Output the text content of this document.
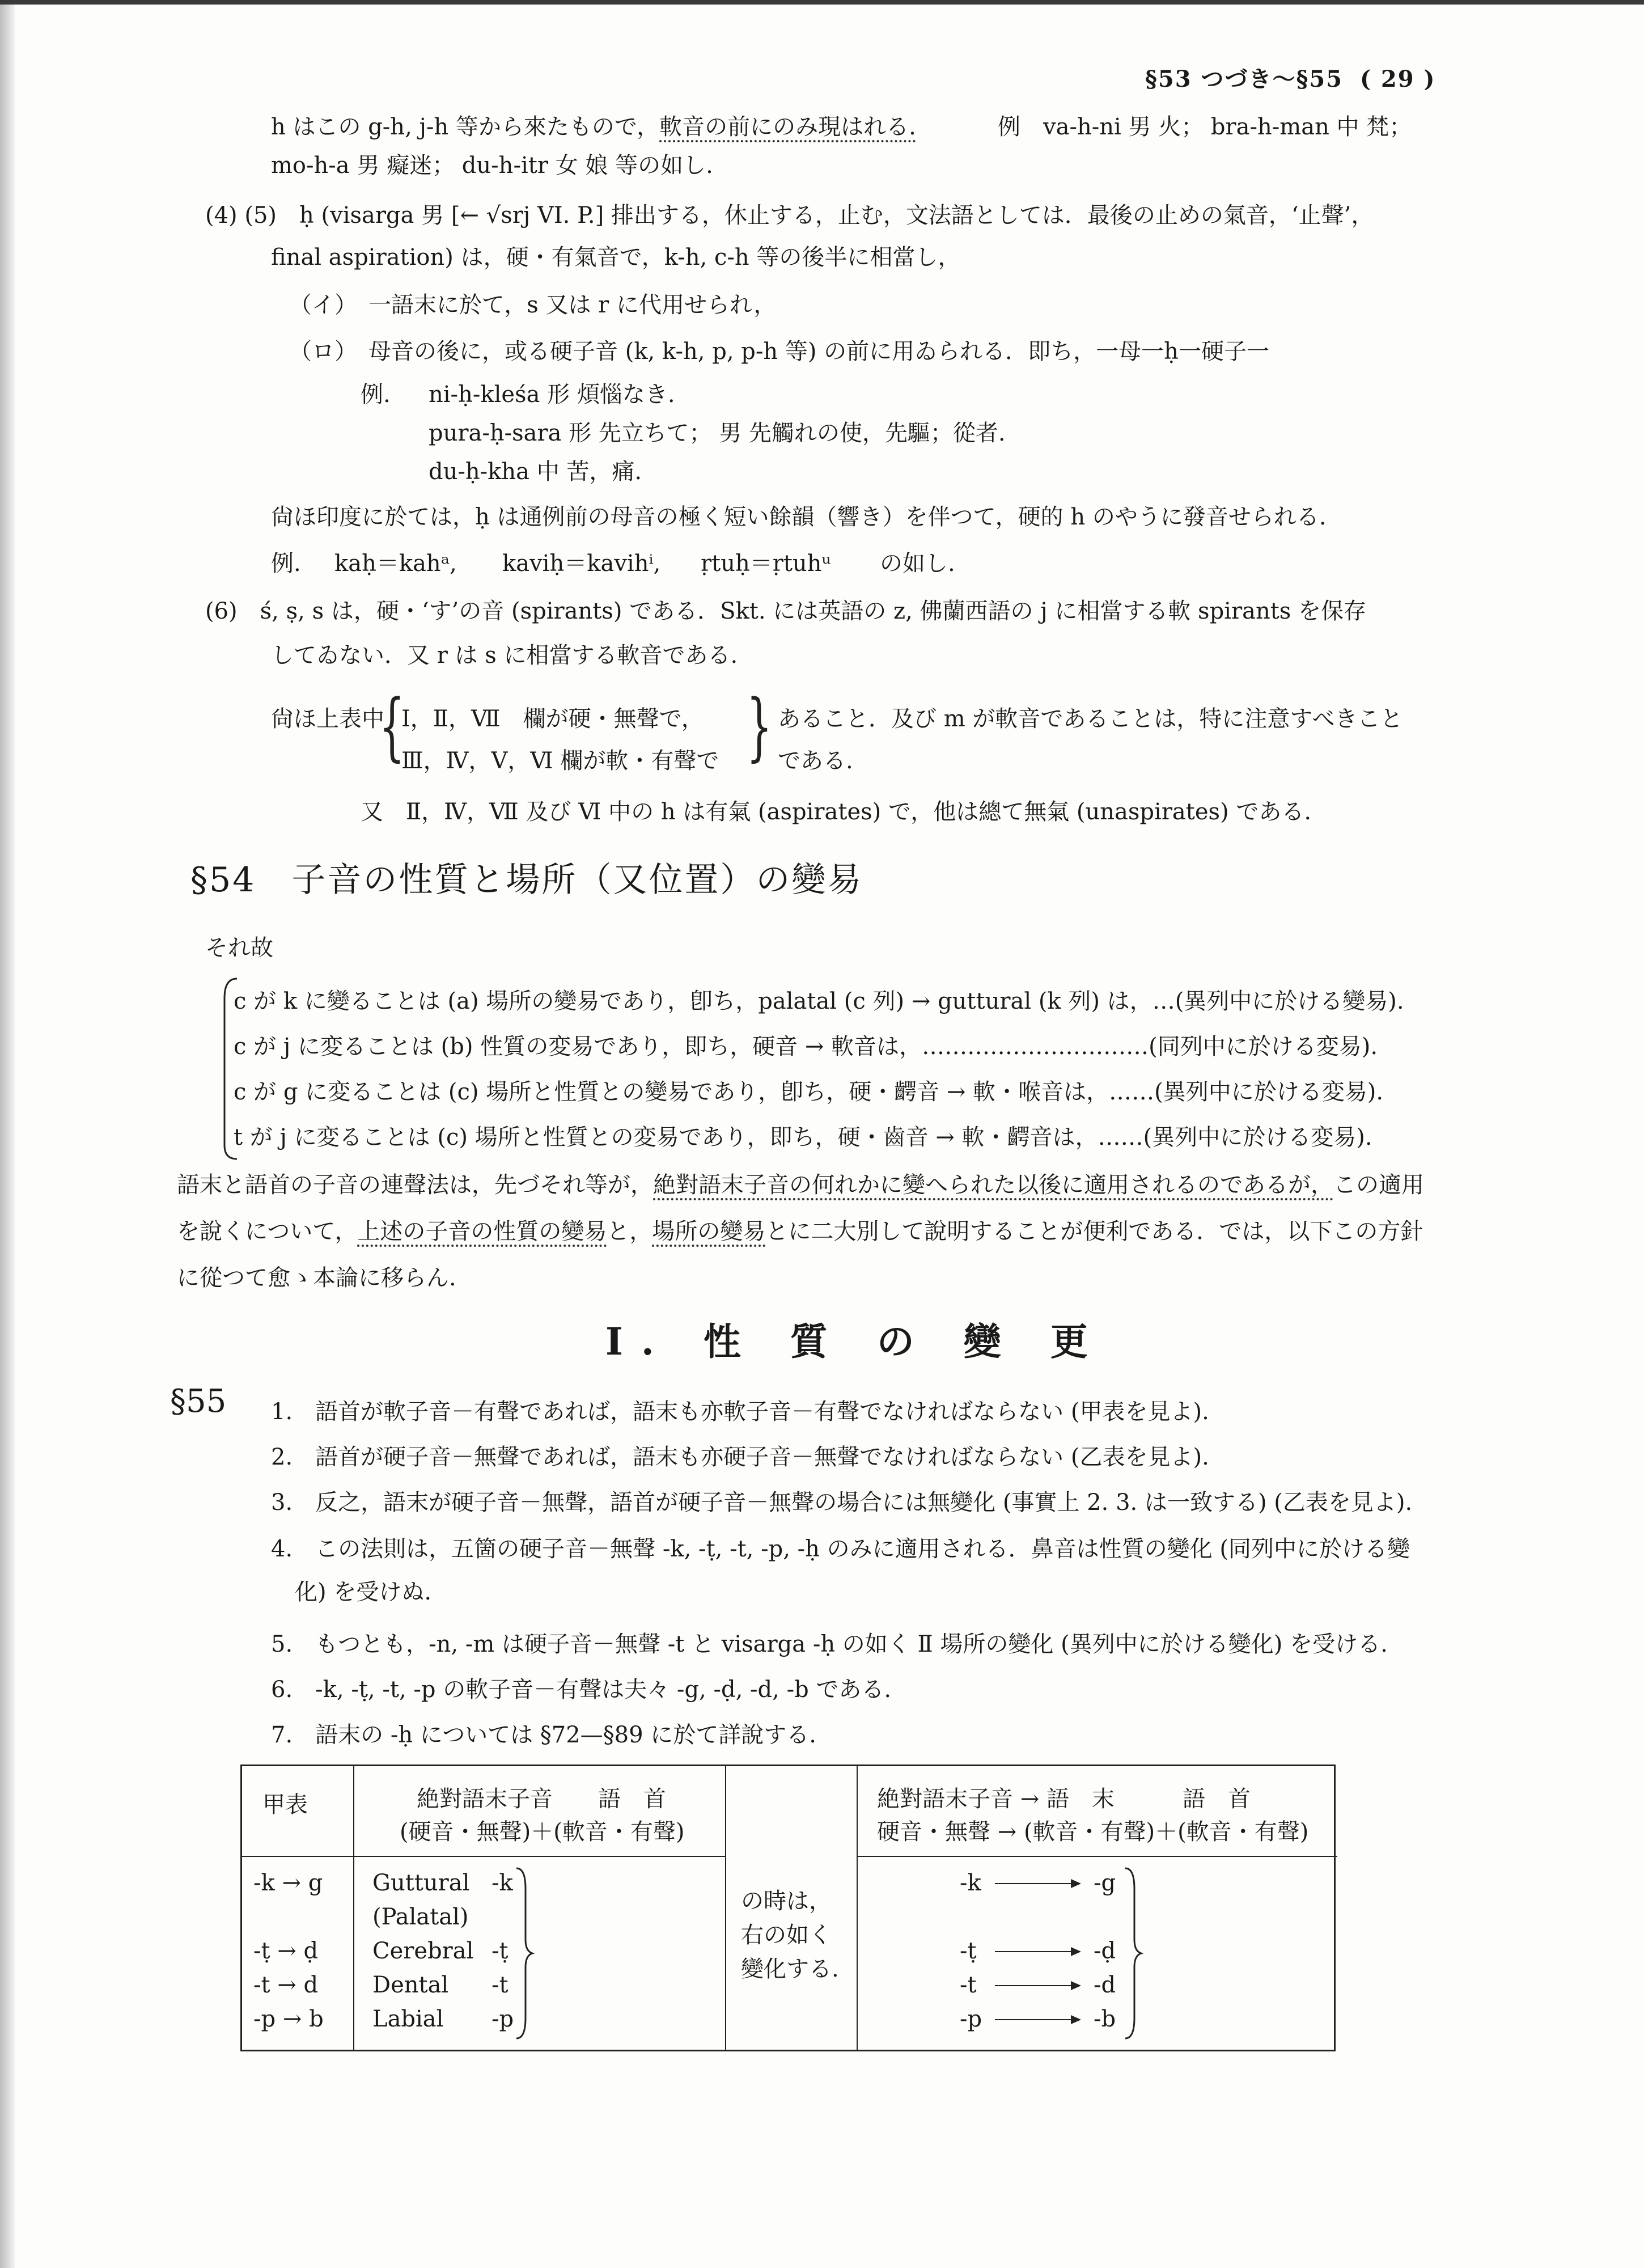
§53 つづき～§55 ( 29 )
h はこの g-h, j-h 等から來たもので，軟音の前にのみ現はれる.	例　va-h-ni 男 火； bra-h-man 中 梵；
mo-h-a 男 癡迷； du-h-itr 女 娘 等の如し.
(4) (5)　ḥ (visarga 男 [← √srj VI. P.] 排出する，休止する，止む，文法語としては．最後の止めの氣音，‘止聲’，
final aspiration) は，硬・有氣音で，k-h, c-h 等の後半に相當し，
（イ）　一語末に於て，s 又は r に代用せられ，
（ロ）　母音の後に，或る硬子音 (k, k-h, p, p-h 等) の前に用ゐられる．即ち，一母一ḥ一硬子一
例. ni-ḥ-kleśa 形 煩惱なき.
pura-ḥ-sara 形 先立ちて； 男 先觸れの使，先驅；從者.
du-ḥ-kha 中 苦，痛.
尙ほ印度に於ては，ḥ は通例前の母音の極く短い餘韻（響き）を伴つて，硬的 h のやうに發音せられる.
例. kaḥ＝kahᵃ, kaviḥ＝kavihⁱ, ṛtuḥ＝ṛtuhᵘ の如し.
(6)　ś, ṣ, s は，硬・‘す’の音 (spirants) である．Skt. には英語の z, 佛蘭西語の j に相當する軟 spirants を保存
してゐない．又 r は s に相當する軟音である.
尙ほ上表中
{
I，Ⅱ，Ⅶ　欄が硬・無聲で，
Ⅲ，Ⅳ，V，Ⅵ 欄が軟・有聲で } あること．及び m が軟音であることは，特に注意すべきこと
である.
又　Ⅱ，Ⅳ，Ⅶ 及び Ⅵ 中の h は有氣 (aspirates) で，他は總て無氣 (unaspirates) である.
§54　子音の性質と場所（又位置）の變易
それ故
c が k に變ることは (a) 場所の變易であり，卽ち，palatal (c 列) → guttural (k 列) は，…(異列中に於ける變易).
c が j に変ることは (b) 性質の変易であり，即ち，硬音 → 軟音は，…………………………(同列中に於ける変易).
c が g に変ることは (c) 場所と性質との變易であり，卽ち，硬・齶音 → 軟・喉音は，……(異列中に於ける変易).
t が j に変ることは (c) 場所と性質との変易であり，即ち，硬・齒音 → 軟・齶音は，……(異列中に於ける変易).
語末と語首の子音の連聲法は，先づそれ等が，絶對語末子音の何れかに變へられた以後に適用されるのであるが，この適用
を說くについて，上述の子音の性質の變易と，場所の變易とに二大別して說明することが便利である．では，以下この方針
に從つて愈ゝ本論に移らん.
I. 性 質 の 變 更
§55 1.　語首が軟子音－有聲であれば，語末も亦軟子音－有聲でなければならない (甲表を見よ).
2.　語首が硬子音－無聲であれば，語末も亦硬子音－無聲でなければならない (乙表を見よ).
3.　反之，語末が硬子音－無聲，語首が硬子音－無聲の場合には無變化 (事實上 2. 3. は一致する) (乙表を見よ).
4.　この法則は，五箇の硬子音－無聲 -k, -ṭ, -t, -p, -ḥ のみに適用される．鼻音は性質の變化 (同列中に於ける變
化) を受けぬ.
5.　もつとも，-n, -m は硬子音－無聲 -t と visarga -ḥ の如く Ⅱ 場所の變化 (異列中に於ける變化) を受ける.
6.　-k, -ṭ, -t, -p の軟子音－有聲は夫々 -g, -ḍ, -d, -b である.
7.　語末の -ḥ については §72—§89 に於て詳說する.
甲表	絶對語末子音　　語　首
(硬音・無聲)＋(軟音・有聲)
絶對語末子音 → 語　末　　　語　首
硬音・無聲 → (軟音・有聲)＋(軟音・有聲)
-k → g
-ṭ → ḍ
-t → d
-p → b
Guttural
(Palatal)
Cerebral
Dental
Labial
-k
-ṭ
-t
-p
の時は，
右の如く
變化する.
-k
-ṭ
-t
-p
-g
-ḍ
-d
-b
